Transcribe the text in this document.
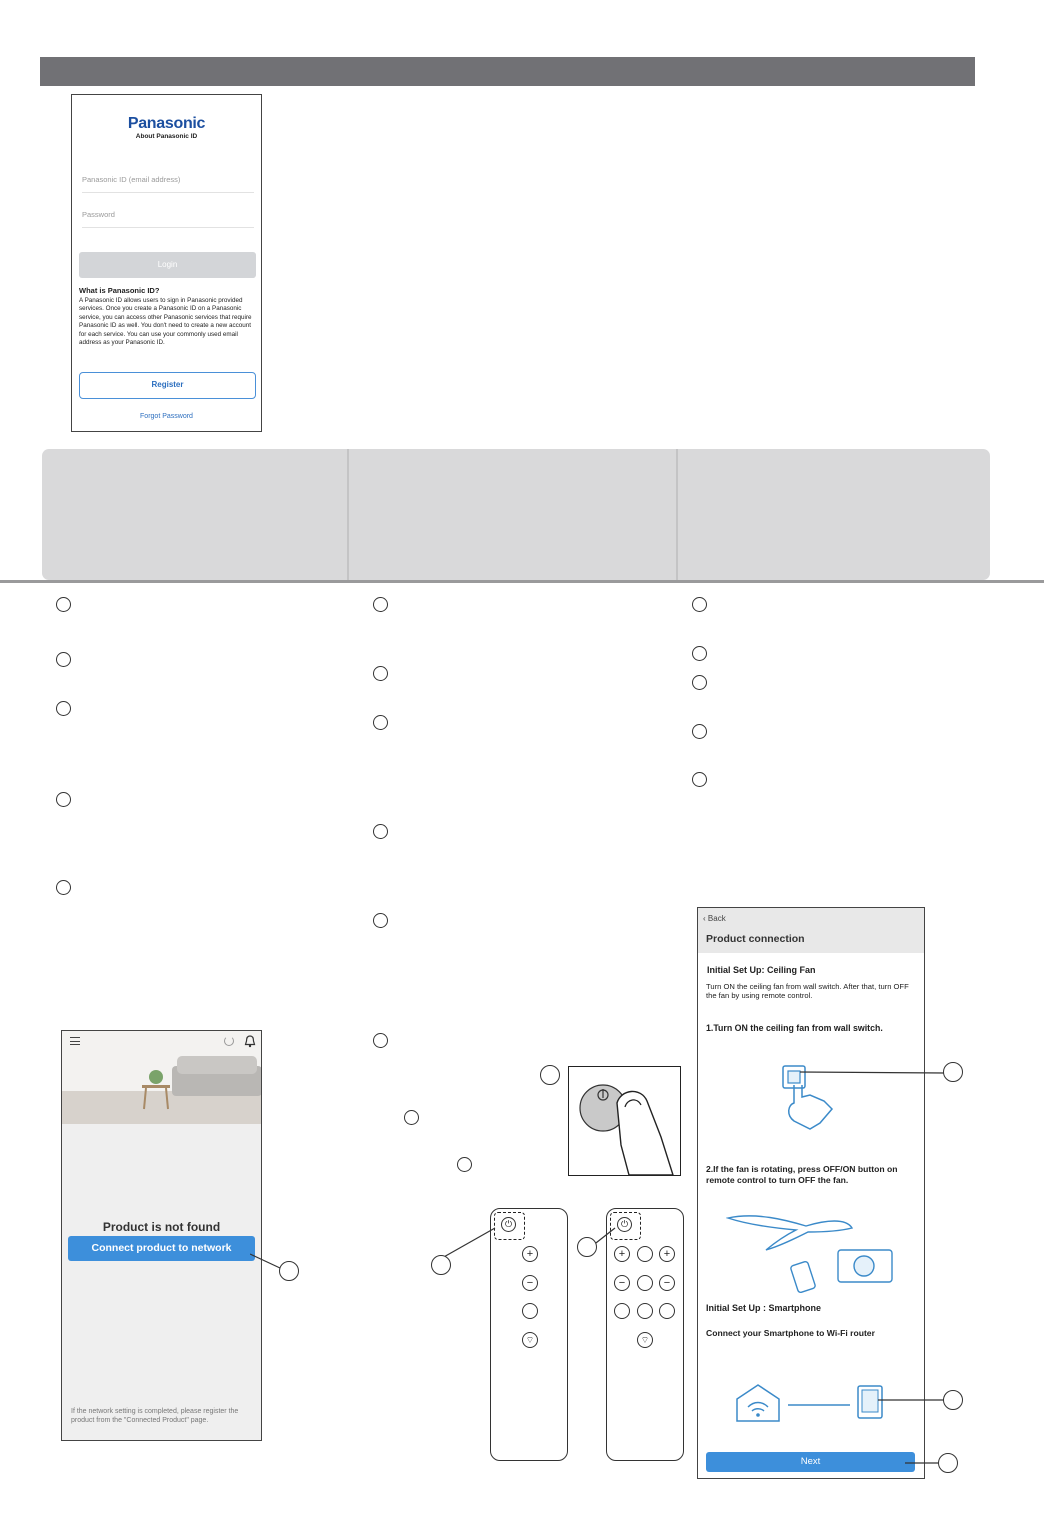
Panasonic
About Panasonic ID
Panasonic ID (email address)
Password
Login
What is Panasonic ID?
A Panasonic ID allows users to sign in Panasonic provided services. Once you create a Panasonic ID on a Panasonic service, you can access other Panasonic services that require Panasonic ID as well. You don't need to create a new account for each service. You can use your commonly used email address as your Panasonic ID.
Register
Forgot Password
Product is not found
Connect product to network
If the network setting is completed, please register the product from the "Connected Product" page.
⏻
+
−
⌔
⏻
+	+
−	−
⌔
‹ Back
Product connection
Initial Set Up: Ceiling Fan
Turn ON the ceiling fan from wall switch. After that, turn OFF the fan by using remote control.
1.Turn ON the ceiling fan from wall switch.
2.If the fan is rotating, press OFF/ON button on remote control to turn OFF the fan.
Initial Set Up : Smartphone
Connect your Smartphone to Wi-Fi router
Next
